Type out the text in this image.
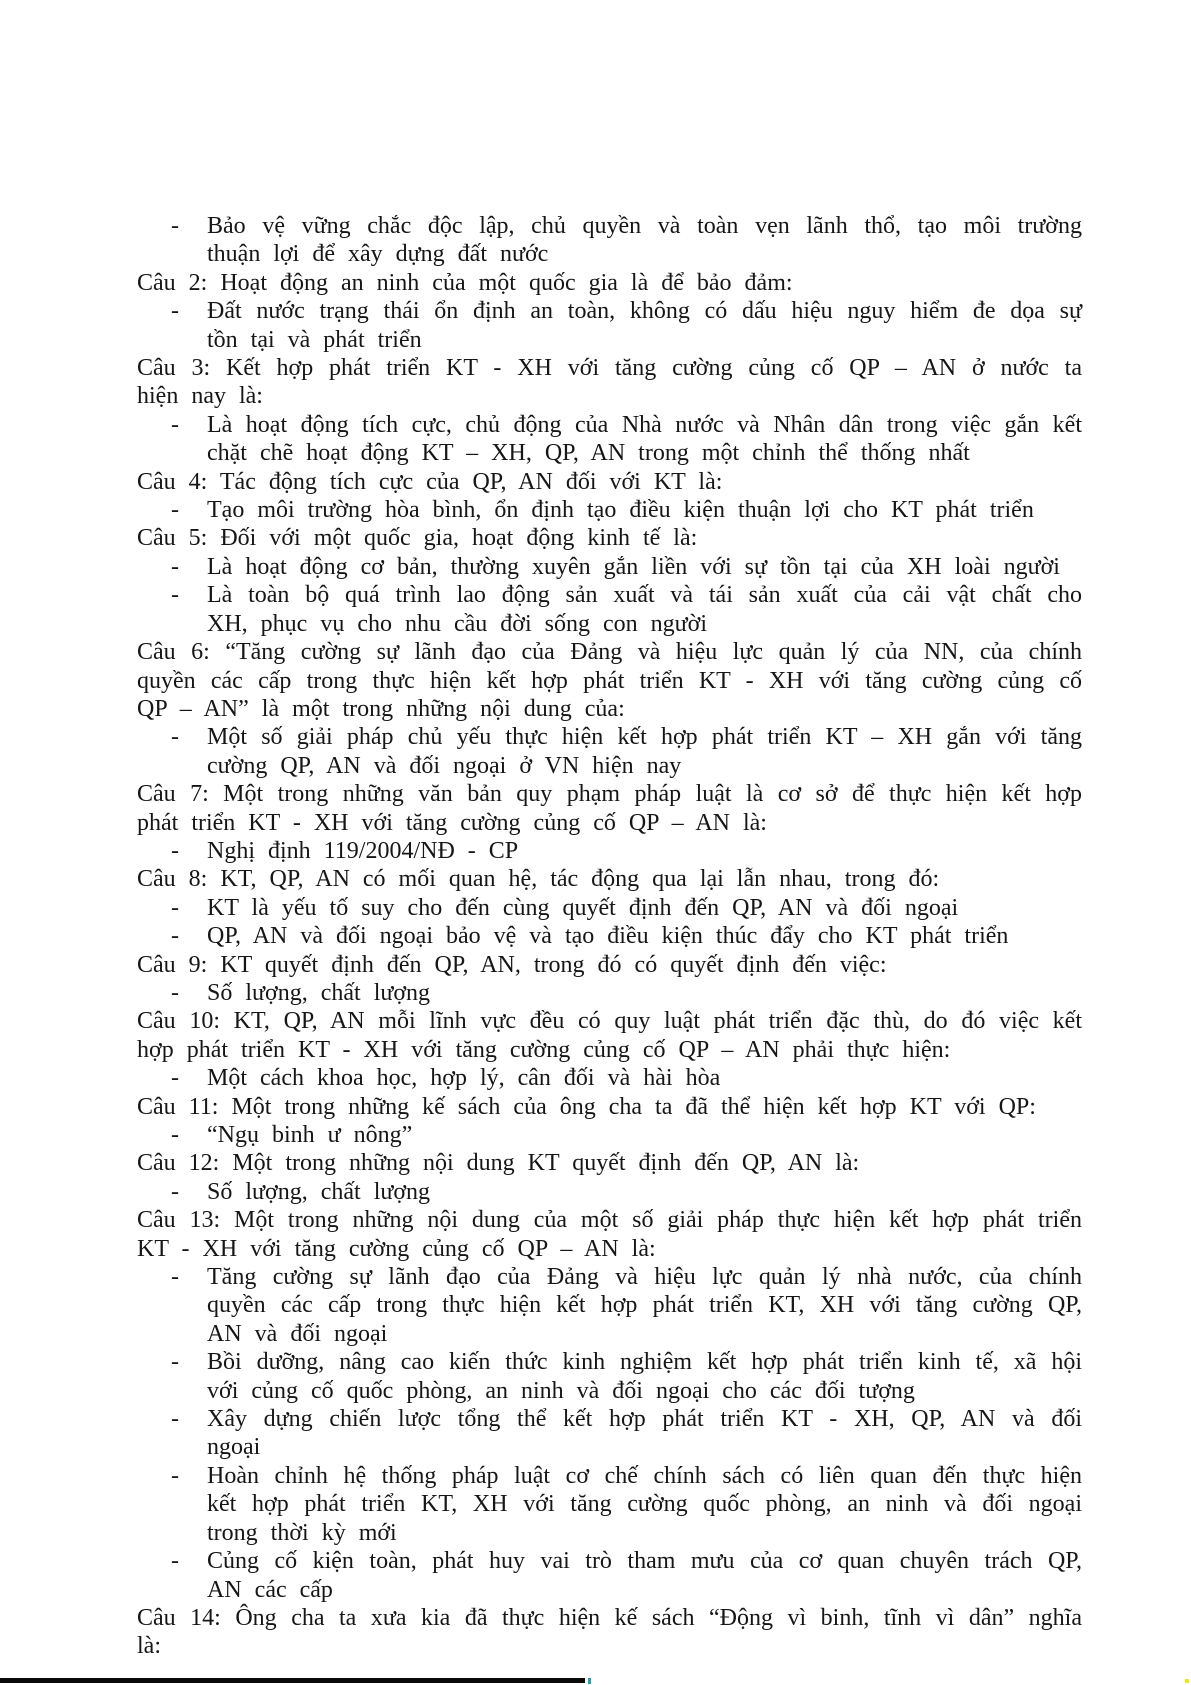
- Bảo vệ vững chắc độc lập, chủ quyền và toàn vẹn lãnh thổ, tạo môi trường thuận lợi để xây dựng đất nước

Câu 2: Hoạt động an ninh của một quốc gia là để bảo đảm:

- Đất nước trạng thái ổn định an toàn, không có dấu hiệu nguy hiểm đe dọa sự tồn tại và phát triển

Câu 3: Kết hợp phát triển KT - XH với tăng cường củng cố QP – AN ở nước ta hiện nay là:

- Là hoạt động tích cực, chủ động của Nhà nước và Nhân dân trong việc gắn kết chặt chẽ hoạt động KT – XH, QP, AN trong một chỉnh thể thống nhất

Câu 4: Tác động tích cực của QP, AN đối với KT là:

- Tạo môi trường hòa bình, ổn định tạo điều kiện thuận lợi cho KT phát triển

Câu 5: Đối với một quốc gia, hoạt động kinh tế là:

- Là hoạt động cơ bản, thường xuyên gắn liền với sự tồn tại của XH loài người

- Là toàn bộ quá trình lao động sản xuất và tái sản xuất của cải vật chất cho XH, phục vụ cho nhu cầu đời sống con người

Câu 6: “Tăng cường sự lãnh đạo của Đảng và hiệu lực quản lý của NN, của chính quyền các cấp trong thực hiện kết hợp phát triển KT - XH với tăng cường củng cố QP – AN” là một trong những nội dung của:

- Một số giải pháp chủ yếu thực hiện kết hợp phát triển KT – XH gắn với tăng cường QP, AN và đối ngoại ở VN hiện nay

Câu 7: Một trong những văn bản quy phạm pháp luật là cơ sở để thực hiện kết hợp phát triển KT - XH với tăng cường củng cố QP – AN là:

- Nghị định 119/2004/NĐ - CP

Câu 8: KT, QP, AN có mối quan hệ, tác động qua lại lẫn nhau, trong đó:

- KT là yếu tố suy cho đến cùng quyết định đến QP, AN và đối ngoại

- QP, AN và đối ngoại bảo vệ và tạo điều kiện thúc đẩy cho KT phát triển

Câu 9: KT quyết định đến QP, AN, trong đó có quyết định đến việc:

- Số lượng, chất lượng

Câu 10: KT, QP, AN mỗi lĩnh vực đều có quy luật phát triển đặc thù, do đó việc kết hợp phát triển KT - XH với tăng cường củng cố QP – AN phải thực hiện:

- Một cách khoa học, hợp lý, cân đối và hài hòa

Câu 11: Một trong những kế sách của ông cha ta đã thể hiện kết hợp KT với QP:

- “Ngụ binh ư nông”

Câu 12: Một trong những nội dung KT quyết định đến QP, AN là:

- Số lượng, chất lượng

Câu 13: Một trong những nội dung của một số giải pháp thực hiện kết hợp phát triển KT - XH với tăng cường củng cố QP – AN là:

- Tăng cường sự lãnh đạo của Đảng và hiệu lực quản lý nhà nước, của chính quyền các cấp trong thực hiện kết hợp phát triển KT, XH với tăng cường QP, AN và đối ngoại

- Bồi dưỡng, nâng cao kiến thức kinh nghiệm kết hợp phát triển kinh tế, xã hội với củng cố quốc phòng, an ninh và đối ngoại cho các đối tượng

- Xây dựng chiến lược tổng thể kết hợp phát triển KT - XH, QP, AN và đối ngoại

- Hoàn chỉnh hệ thống pháp luật cơ chế chính sách có liên quan đến thực hiện kết hợp phát triển KT, XH với tăng cường quốc phòng, an ninh và đối ngoại trong thời kỳ mới

- Củng cố kiện toàn, phát huy vai trò tham mưu của cơ quan chuyên trách QP, AN các cấp

Câu 14: Ông cha ta xưa kia đã thực hiện kế sách “Động vì binh, tĩnh vì dân” nghĩa là:
